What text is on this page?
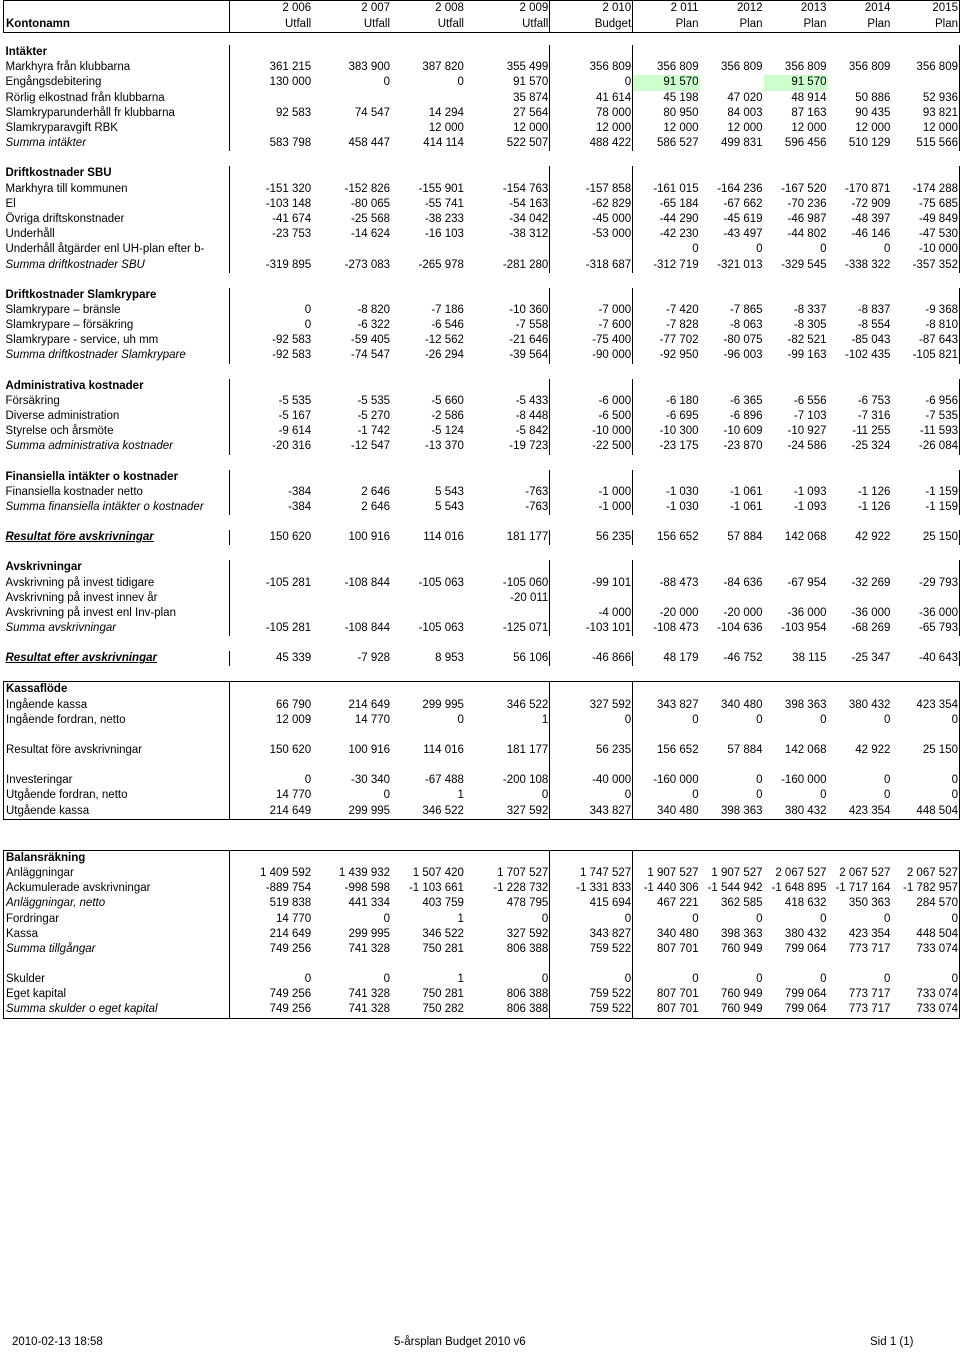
	2 006	2 007	2 008	2 009	2 010	2 011	2012	2013	2014	2015
Kontonamn	Utfall	Utfall	Utfall	Utfall	Budget	Plan	Plan	Plan	Plan	Plan

Intäkter										
Markhyra från klubbarna	361 215	383 900	387 820	355 499	356 809	356 809	356 809	356 809	356 809	356 809
Engångsdebitering	130 000	0	0	91 570	0	91 570		91 570		
Rörlig elkostnad från klubbarna				35 874	41 614	45 198	47 020	48 914	50 886	52 936
Slamkryparunderhåll fr klubbarna	92 583	74 547	14 294	27 564	78 000	80 950	84 003	87 163	90 435	93 821
Slamkryparavgift RBK			12 000	12 000	12 000	12 000	12 000	12 000	12 000	12 000
Summa intäkter	583 798	458 447	414 114	522 507	488 422	586 527	499 831	596 456	510 129	515 566

Driftkostnader SBU										
Markhyra till kommunen	-151 320	-152 826	-155 901	-154 763	-157 858	-161 015	-164 236	-167 520	-170 871	-174 288
El	-103 148	-80 065	-55 741	-54 163	-62 829	-65 184	-67 662	-70 236	-72 909	-75 685
Övriga driftskonstnader	-41 674	-25 568	-38 233	-34 042	-45 000	-44 290	-45 619	-46 987	-48 397	-49 849
Underhåll	-23 753	-14 624	-16 103	-38 312	-53 000	-42 230	-43 497	-44 802	-46 146	-47 530
Underhåll åtgärder enl UH-plan efter b-						0	0	0	0	-10 000
Summa driftkostnader SBU	-319 895	-273 083	-265 978	-281 280	-318 687	-312 719	-321 013	-329 545	-338 322	-357 352

Driftkostnader Slamkrypare										
Slamkrypare – bränsle	0	-8 820	-7 186	-10 360	-7 000	-7 420	-7 865	-8 337	-8 837	-9 368
Slamkrypare – försäkring	0	-6 322	-6 546	-7 558	-7 600	-7 828	-8 063	-8 305	-8 554	-8 810
Slamkrypare - service, uh mm	-92 583	-59 405	-12 562	-21 646	-75 400	-77 702	-80 075	-82 521	-85 043	-87 643
Summa driftkostnader Slamkrypare	-92 583	-74 547	-26 294	-39 564	-90 000	-92 950	-96 003	-99 163	-102 435	-105 821

Administrativa kostnader										
Försäkring	-5 535	-5 535	-5 660	-5 433	-6 000	-6 180	-6 365	-6 556	-6 753	-6 956
Diverse administration	-5 167	-5 270	-2 586	-8 448	-6 500	-6 695	-6 896	-7 103	-7 316	-7 535
Styrelse och årsmöte	-9 614	-1 742	-5 124	-5 842	-10 000	-10 300	-10 609	-10 927	-11 255	-11 593
Summa administrativa kostnader	-20 316	-12 547	-13 370	-19 723	-22 500	-23 175	-23 870	-24 586	-25 324	-26 084

Finansiella intäkter o kostnader										
Finansiella kostnader netto	-384	2 646	5 543	-763	-1 000	-1 030	-1 061	-1 093	-1 126	-1 159
Summa finansiella intäkter o kostnader	-384	2 646	5 543	-763	-1 000	-1 030	-1 061	-1 093	-1 126	-1 159

Resultat före avskrivningar	150 620	100 916	114 016	181 177	56 235	156 652	57 884	142 068	42 922	25 150

Avskrivningar										
Avskrivning på invest tidigare	-105 281	-108 844	-105 063	-105 060	-99 101	-88 473	-84 636	-67 954	-32 269	-29 793
Avskrivning på invest innev år				-20 011						
Avskrivning på invest enl Inv-plan					-4 000	-20 000	-20 000	-36 000	-36 000	-36 000
Summa avskrivningar	-105 281	-108 844	-105 063	-125 071	-103 101	-108 473	-104 636	-103 954	-68 269	-65 793

Resultat efter avskrivningar	45 339	-7 928	8 953	56 106	-46 866	48 179	-46 752	38 115	-25 347	-40 643

Kassaflöde										
Ingående kassa	66 790	214 649	299 995	346 522	327 592	343 827	340 480	398 363	380 432	423 354
Ingående fordran, netto	12 009	14 770	0	1	0	0	0	0	0	0

Resultat före avskrivningar	150 620	100 916	114 016	181 177	56 235	156 652	57 884	142 068	42 922	25 150

Investeringar	0	-30 340	-67 488	-200 108	-40 000	-160 000	0	-160 000	0	0
Utgående fordran, netto	14 770	0	1	0	0	0	0	0	0	0
Utgående kassa	214 649	299 995	346 522	327 592	343 827	340 480	398 363	380 432	423 354	448 504

Balansräkning										
Anläggningar	1 409 592	1 439 932	1 507 420	1 707 527	1 747 527	1 907 527	1 907 527	2 067 527	2 067 527	2 067 527
Ackumulerade avskrivningar	-889 754	-998 598	-1 103 661	-1 228 732	-1 331 833	-1 440 306	-1 544 942	-1 648 895	-1 717 164	-1 782 957
Anläggningar, netto	519 838	441 334	403 759	478 795	415 694	467 221	362 585	418 632	350 363	284 570
Fordringar	14 770	0	1	0	0	0	0	0	0	0
Kassa	214 649	299 995	346 522	327 592	343 827	340 480	398 363	380 432	423 354	448 504
Summa tillgångar	749 256	741 328	750 281	806 388	759 522	807 701	760 949	799 064	773 717	733 074

Skulder	0	0	1	0	0	0	0	0	0	0
Eget kapital	749 256	741 328	750 281	806 388	759 522	807 701	760 949	799 064	773 717	733 074
Summa skulder o eget kapital	749 256	741 328	750 282	806 388	759 522	807 701	760 949	799 064	773 717	733 074
2010-02-13 18:58	5-årsplan Budget 2010 v6	Sid 1 (1)
